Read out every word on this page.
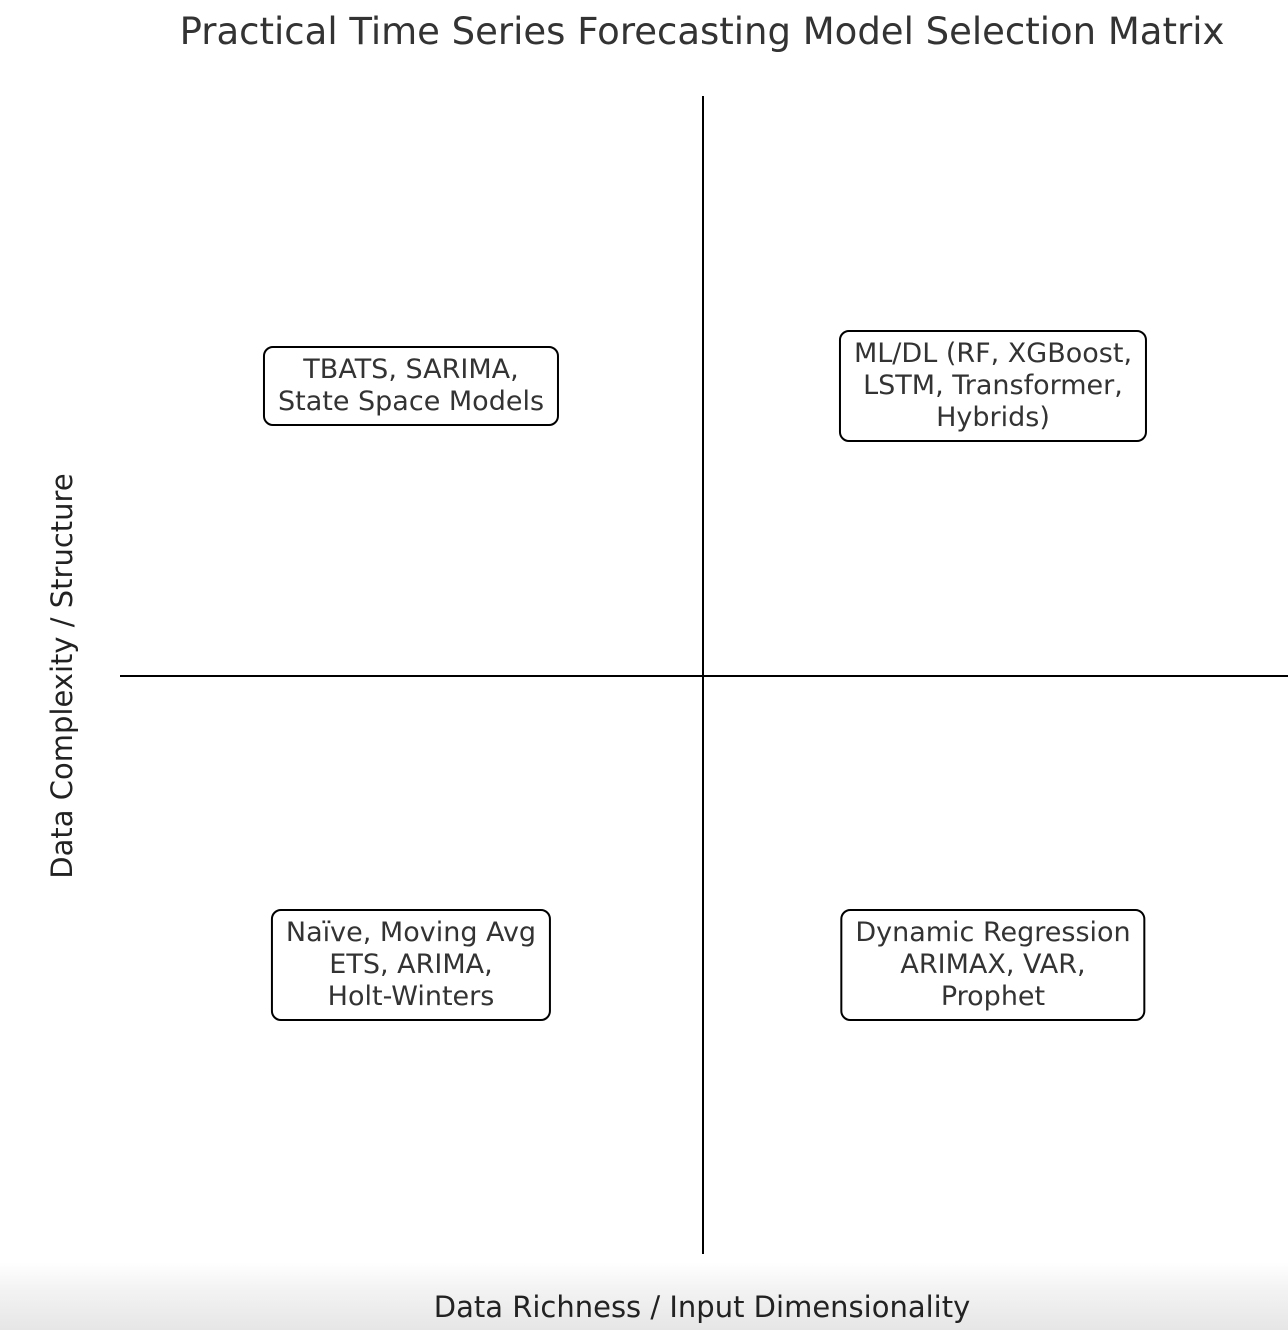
Practical Time Series Forecasting Model Selection Matrix
TBATS, SARIMA,
State Space Models
ML/DL (RF, XGBoost,
LSTM, Transformer,
Hybrids)
Naïve, Moving Avg
ETS, ARIMA,
Holt-Winters
Dynamic Regression
ARIMAX, VAR,
Prophet
Data Complexity / Structure
Data Richness / Input Dimensionality
